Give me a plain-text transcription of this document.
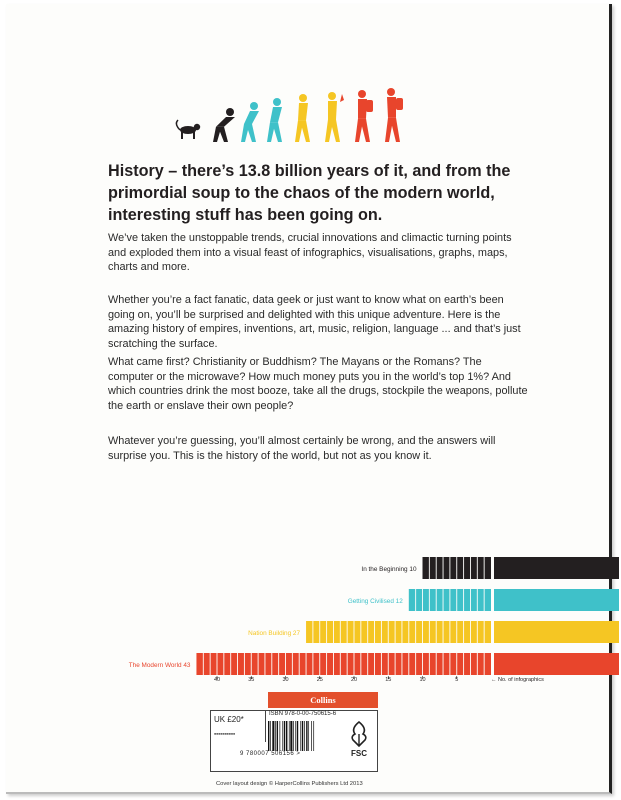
History – there’s 13.8 billion years of it, and from the primordial soup to the chaos of the modern world, interesting stuff has been going on.

We’ve taken the unstoppable trends, crucial innovations and climactic turning points and exploded them into a visual feast of infographics, visualisations, graphs, maps, charts and more.

Whether you’re a fact fanatic, data geek or just want to know what on earth’s been going on, you’ll be surprised and delighted with this unique adventure. Here is the amazing history of empires, inventions, art, music, religion, language ... and that’s just scratching the surface.

What came first? Christianity or Buddhism? The Mayans or the Romans? The computer or the microwave? How much money puts you in the world’s top 1%? And which countries drink the most booze, take all the drugs, stockpile the weapons, pollute the earth or enslave their own people?

Whatever you’re guessing, you’ll almost certainly be wrong, and the answers will surprise you. This is the history of the world, but not as you know it.

In the Beginning 10
Getting Civilised 12
Nation Building 27
The Modern World 43
40	35	30	25	20	15	10	5	← No. of infographics
Collins
UK £20*
■■■■■■■■■■
ISBN 978-0-00-750615-6
9 780007 506156 >	FSC
Cover layout design © HarperCollins Publishers Ltd 2013
